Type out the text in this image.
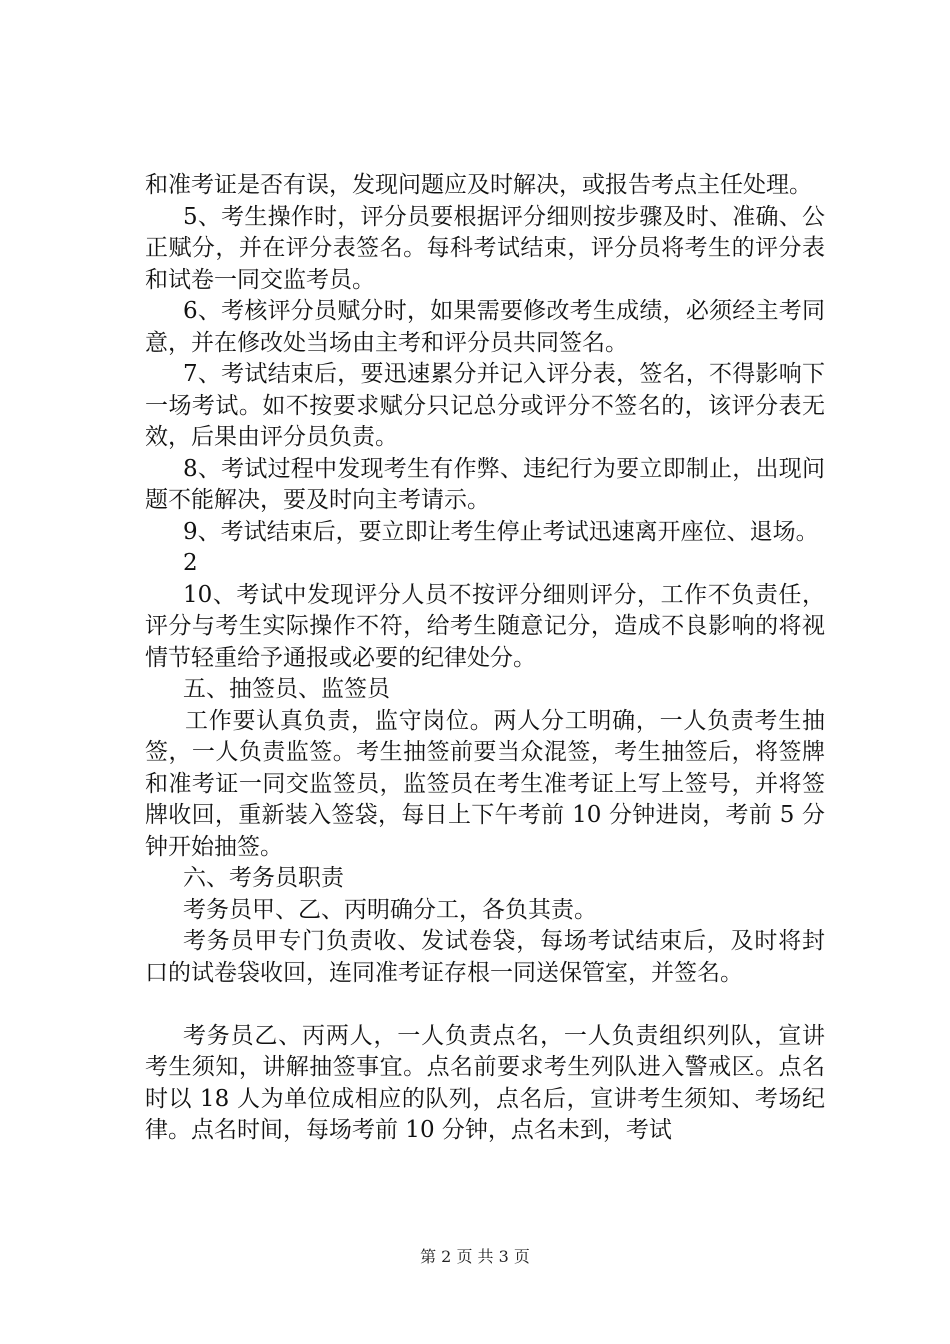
和准考证是否有误，发现问题应及时解决，或报告考点主任处理。

5、考生操作时，评分员要根据评分细则按步骤及时、准确、公正赋分，并在评分表签名。每科考试结束，评分员将考生的评分表和试卷一同交监考员。

6、考核评分员赋分时，如果需要修改考生成绩，必须经主考同意，并在修改处当场由主考和评分员共同签名。

7、考试结束后，要迅速累分并记入评分表，签名，不得影响下一场考试。如不按要求赋分只记总分或评分不签名的，该评分表无效，后果由评分员负责。

8、考试过程中发现考生有作弊、违纪行为要立即制止，出现问题不能解决，要及时向主考请示。

9、考试结束后，要立即让考生停止考试迅速离开座位、退场。

2

10、考试中发现评分人员不按评分细则评分，工作不负责任，评分与考生实际操作不符，给考生随意记分，造成不良影响的将视情节轻重给予通报或必要的纪律处分。

五、抽签员、监签员

工作要认真负责，监守岗位。两人分工明确，一人负责考生抽签，一人负责监签。考生抽签前要当众混签，考生抽签后，将签牌和准考证一同交监签员，监签员在考生准考证上写上签号，并将签牌收回，重新装入签袋，每日上下午考前 10 分钟进岗，考前 5 分钟开始抽签。

六、考务员职责

考务员甲、乙、丙明确分工，各负其责。

考务员甲专门负责收、发试卷袋，每场考试结束后，及时将封口的试卷袋收回，连同准考证存根一同送保管室，并签名。

考务员乙、丙两人，一人负责点名，一人负责组织列队，宣讲考生须知，讲解抽签事宜。点名前要求考生列队进入警戒区。点名时以 18 人为单位成相应的队列，点名后，宣讲考生须知、考场纪律。点名时间，每场考前 10 分钟，点名未到，考试

第 2 页 共 3 页
